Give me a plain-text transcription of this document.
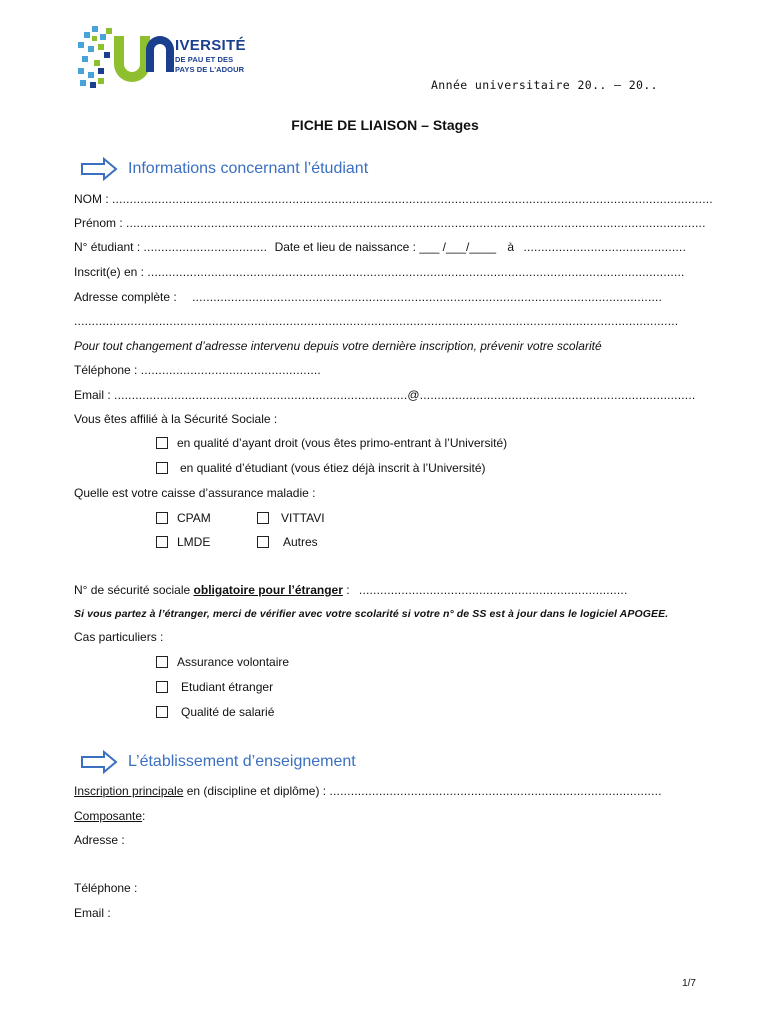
IVERSITÉ
DE PAU ET DES
PAYS DE L'ADOUR
Année universitaire 20.. – 20..
FICHE DE LIAISON – Stages
Informations concernant l’étudiant
NOM : ..........................................................................................................................................................................
Prénom : ....................................................................................................................................................................
N° étudiant : ................................... Date et lieu de naissance : ___ /___/____ à ..............................................
Inscrit(e) en : ........................................................................................................................................................
Adresse complète : .....................................................................................................................................
...........................................................................................................................................................................
Pour tout changement d’adresse intervenu depuis votre dernière inscription, prévenir votre scolarité
Téléphone : ...................................................
Email : ...................................................................................@..............................................................................
Vous êtes affilié à la Sécurité Sociale :
en qualité d’ayant droit (vous êtes primo-entrant à l’Université)
en qualité d’étudiant (vous étiez déjà inscrit à l’Université)
Quelle est votre caisse d’assurance maladie :
CPAM	VITTAVI
LMDE	Autres
N° de sécurité sociale obligatoire pour l’étranger : ............................................................................
Si vous partez à l’étranger, merci de vérifier avec votre scolarité si votre n° de SS est à jour dans le logiciel APOGEE.
Cas particuliers :
Assurance volontaire
Etudiant étranger
Qualité de salarié
L’établissement d’enseignement
Inscription principale en (discipline et diplôme) : ..............................................................................................
Composante:
Adresse :
Téléphone :
Email :
1/7
